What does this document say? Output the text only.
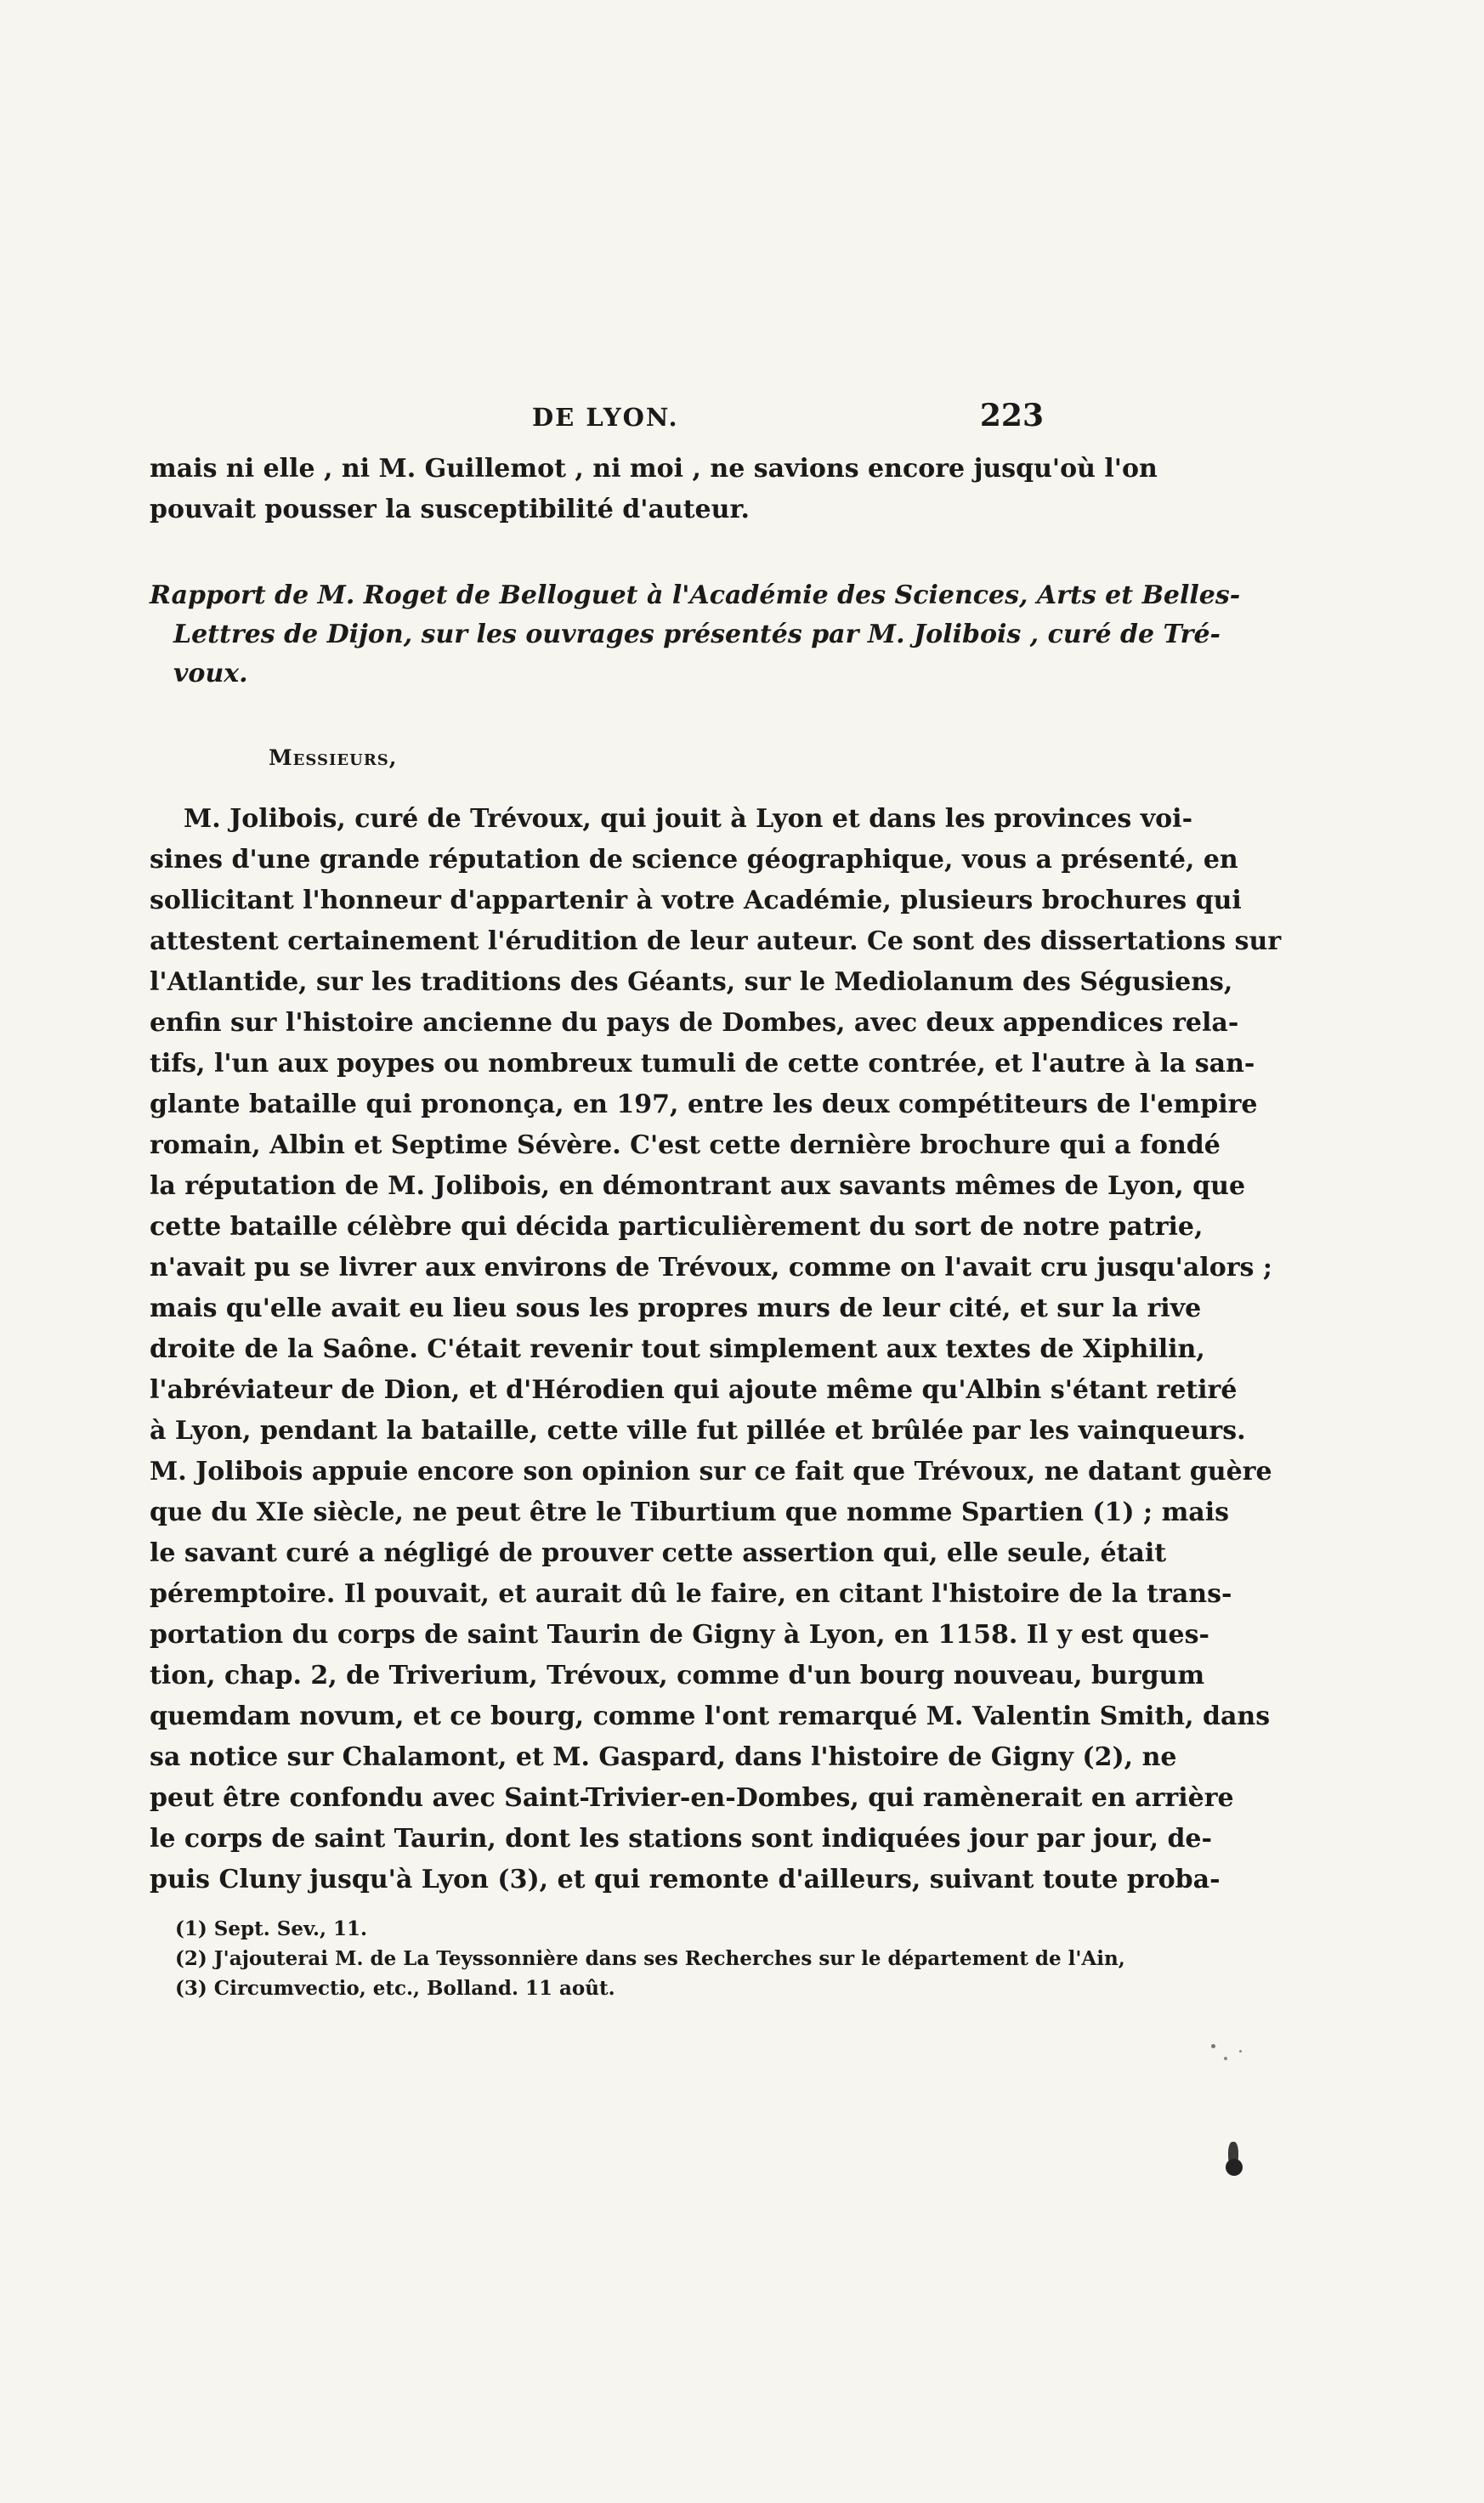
DE LYON.	223
mais ni elle , ni M. Guillemot , ni moi , ne savions encore jusqu'où l'on
pouvait pousser la susceptibilité d'auteur.
Rapport de M. Roget de Belloguet à l'Académie des Sciences, Arts et Belles-
Lettres de Dijon, sur les ouvrages présentés par M. Jolibois , curé de Tré-
voux.
Messieurs,
M. Jolibois, curé de Trévoux, qui jouit à Lyon et dans les provinces voi-
sines d'une grande réputation de science géographique, vous a présenté, en
sollicitant l'honneur d'appartenir à votre Académie, plusieurs brochures qui
attestent certainement l'érudition de leur auteur. Ce sont des dissertations sur
l'Atlantide, sur les traditions des Géants, sur le Mediolanum des Ségusiens,
enfin sur l'histoire ancienne du pays de Dombes, avec deux appendices rela-
tifs, l'un aux poypes ou nombreux tumuli de cette contrée, et l'autre à la san-
glante bataille qui prononça, en 197, entre les deux compétiteurs de l'empire
romain, Albin et Septime Sévère. C'est cette dernière brochure qui a fondé
la réputation de M. Jolibois, en démontrant aux savants mêmes de Lyon, que
cette bataille célèbre qui décida particulièrement du sort de notre patrie,
n'avait pu se livrer aux environs de Trévoux, comme on l'avait cru jusqu'alors ;
mais qu'elle avait eu lieu sous les propres murs de leur cité, et sur la rive
droite de la Saône. C'était revenir tout simplement aux textes de Xiphilin,
l'abréviateur de Dion, et d'Hérodien qui ajoute même qu'Albin s'étant retiré
à Lyon, pendant la bataille, cette ville fut pillée et brûlée par les vainqueurs.
M. Jolibois appuie encore son opinion sur ce fait que Trévoux, ne datant guère
que du XIe siècle, ne peut être le Tiburtium que nomme Spartien (1) ; mais
le savant curé a négligé de prouver cette assertion qui, elle seule, était
péremptoire. Il pouvait, et aurait dû le faire, en citant l'histoire de la trans-
portation du corps de saint Taurin de Gigny à Lyon, en 1158. Il y est ques-
tion, chap. 2, de Triverium, Trévoux, comme d'un bourg nouveau, burgum
quemdam novum, et ce bourg, comme l'ont remarqué M. Valentin Smith, dans
sa notice sur Chalamont, et M. Gaspard, dans l'histoire de Gigny (2), ne
peut être confondu avec Saint-Trivier-en-Dombes, qui ramènerait en arrière
le corps de saint Taurin, dont les stations sont indiquées jour par jour, de-
puis Cluny jusqu'à Lyon (3), et qui remonte d'ailleurs, suivant toute proba-
(1) Sept. Sev., 11.
(2) J'ajouterai M. de La Teyssonnière dans ses Recherches sur le département de l'Ain,
(3) Circumvectio, etc., Bolland. 11 août.
